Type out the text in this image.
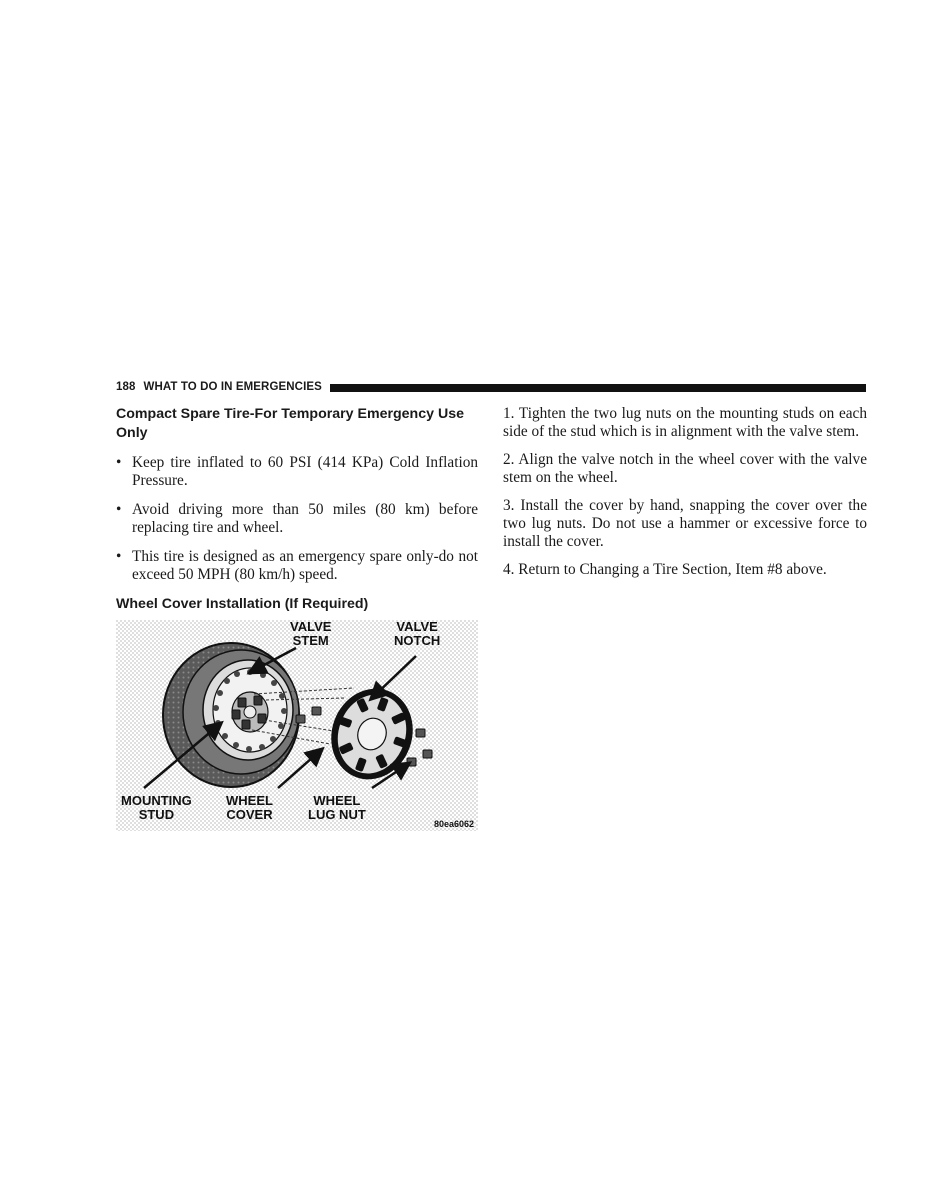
188 WHAT TO DO IN EMERGENCIES
Compact Spare Tire-For Temporary Emergency Use Only
• Keep tire inflated to 60 PSI (414 KPa) Cold Inflation Pressure.
• Avoid driving more than 50 miles (80 km) before replacing tire and wheel.
• This tire is designed as an emergency spare only-do not exceed 50 MPH (80 km/h) speed.
Wheel Cover Installation (If Required)
VALVE
STEM
VALVE
NOTCH
MOUNTING
STUD
WHEEL
COVER
WHEEL
LUG NUT
80ea6062

1. Tighten the two lug nuts on the mounting studs on each side of the stud which is in alignment with the valve stem.

2. Align the valve notch in the wheel cover with the valve stem on the wheel.

3. Install the cover by hand, snapping the cover over the two lug nuts. Do not use a hammer or excessive force to install the cover.

4. Return to Changing a Tire Section, Item #8 above.
